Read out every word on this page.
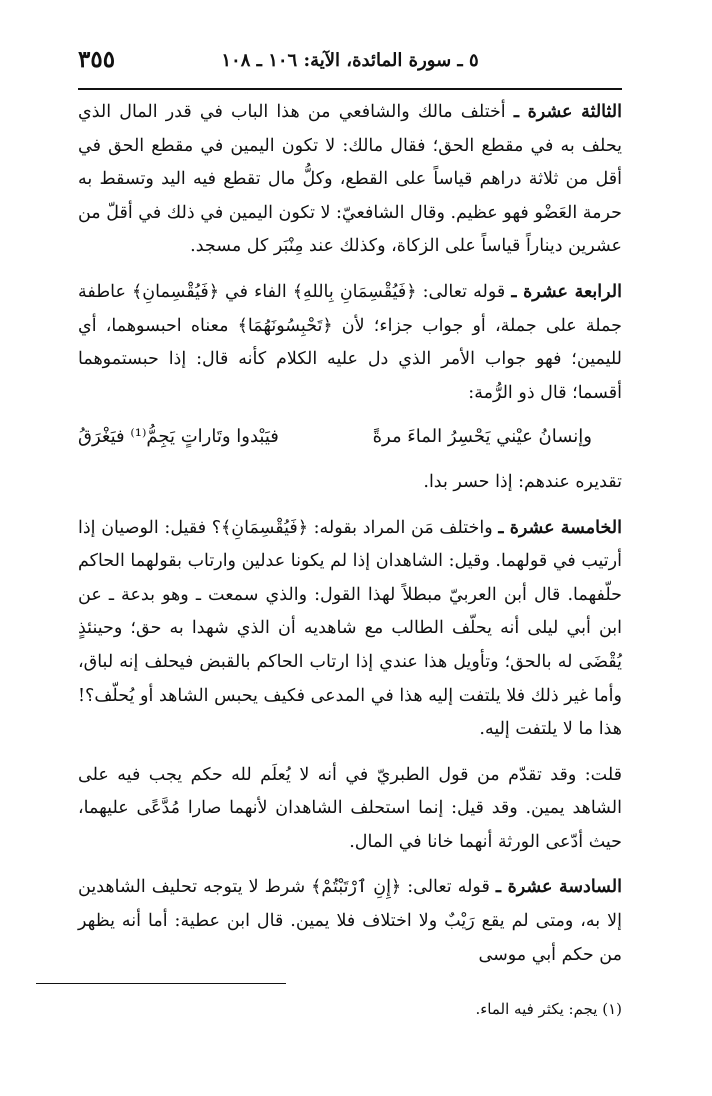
٥ ـ سورة المائدة، الآية: ١٠٦ ـ ١٠٨
٣٥٥

الثالثة عشرة ـ أختلف مالك والشافعي من هذا الباب في قدر المال الذي يحلف به في مقطع الحق؛ فقال مالك: لا تكون اليمين في مقطع الحق في أقل من ثلاثة دراهم قياساً على القطع، وكلُّ مال تقطع فيه اليد وتسقط به حرمة العَضْو فهو عظيم. وقال الشافعيّ: لا تكون اليمين في ذلك في أقلّ من عشرين ديناراً قياساً على الزكاة، وكذلك عند مِنْبَر كل مسجد.

الرابعة عشرة ـ قوله تعالى: ﴿فَيُقْسِمَانِ بِاللهِ﴾ الفاء في ﴿فَيُقْسِمانِ﴾ عاطفة جملة على جملة، أو جواب جزاء؛ لأن ﴿تَحْبِسُونَهُمَا﴾ معناه احبسوهما، أي لليمين؛ فهو جواب الأمر الذي دل عليه الكلام كأنه قال: إذا حبستموهما أقسما؛ قال ذو الرُّمة:

وإنسانُ عيْني يَحْسِرُ الماءَ مرةً
فيَبْدوا وتَاراتٍ يَجِمُّ⁽¹⁾ فيَغْرَقُ

تقديره عندهم: إذا حسر بدا.

الخامسة عشرة ـ واختلف مَن المراد بقوله: ﴿فَيُقْسِمَانِ﴾؟ فقيل: الوصيان إذا أرتيب في قولهما. وقيل: الشاهدان إذا لم يكونا عدلين وارتاب بقولهما الحاكم حلّفهما. قال أبن العربيّ مبطلاً لهذا القول: والذي سمعت ـ وهو بدعة ـ عن ابن أبي ليلى أنه يحلّف الطالب مع شاهديه أن الذي شهدا به حق؛ وحينئذٍ يُقْضَى له بالحق؛ وتأويل هذا عندي إذا ارتاب الحاكم بالقبض فيحلف إنه لباق، وأما غير ذلك فلا يلتفت إليه هذا في المدعى فكيف يحبس الشاهد أو يُحلّف؟! هذا ما لا يلتفت إليه.

قلت: وقد تقدّم من قول الطبريّ في أنه لا يُعلَم لله حكم يجب فيه على الشاهد يمين. وقد قيل: إنما استحلف الشاهدان لأنهما صارا مُدَّعًى عليهما، حيث أدّعى الورثة أنهما خانا في المال.

السادسة عشرة ـ قوله تعالى: ﴿إِنِ ٱرْتَبْتُمْ﴾ شرط لا يتوجه تحليف الشاهدين إلا به، ومتى لم يقع رَيْبٌ ولا اختلاف فلا يمين. قال ابن عطية: أما أنه يظهر من حكم أبي موسى

(١) يجم: يكثر فيه الماء.
